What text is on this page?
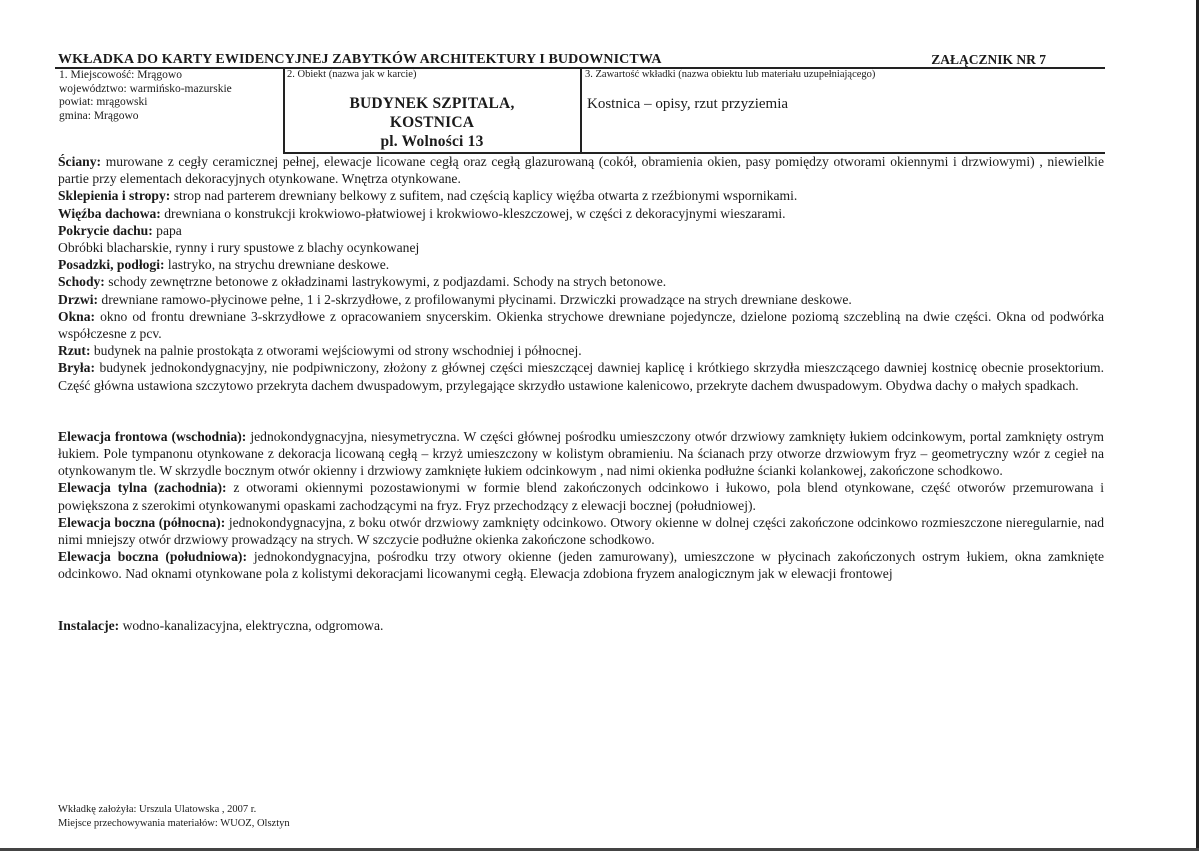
WKŁADKA DO KARTY EWIDENCYJNEJ ZABYTKÓW ARCHITEKTURY I BUDOWNICTWA	ZAŁĄCZNIK NR 7
1. Miejscowość: Mrągowo
województwo: warmińsko-mazurskie
powiat: mrągowski
gmina: Mrągowo
2. Obiekt (nazwa jak w karcie)
BUDYNEK SZPITALA,
KOSTNICA
pl. Wolności 13
3. Zawartość wkładki (nazwa obiektu lub materiału uzupełniającego)
Kostnica – opisy, rzut przyziemia

Ściany: murowane z cegły ceramicznej pełnej, elewacje licowane cegłą oraz cegłą glazurowaną (cokół, obramienia okien, pasy pomiędzy otworami okiennymi i drzwiowymi) , niewielkie partie przy elementach dekoracyjnych otynkowane. Wnętrza otynkowane.

Sklepienia i stropy: strop nad parterem drewniany belkowy z sufitem, nad częścią kaplicy więźba otwarta z rzeźbionymi wspornikami.

Więźba dachowa: drewniana o konstrukcji krokwiowo-płatwiowej i krokwiowo-kleszczowej, w części z dekoracyjnymi wieszarami.

Pokrycie dachu: papa

Obróbki blacharskie, rynny i rury spustowe z blachy ocynkowanej

Posadzki, podłogi: lastryko, na strychu drewniane deskowe.

Schody: schody zewnętrzne betonowe z okładzinami lastrykowymi, z podjazdami. Schody na strych betonowe.

Drzwi: drewniane ramowo-płycinowe pełne, 1 i 2-skrzydłowe, z profilowanymi płycinami. Drzwiczki prowadzące na strych drewniane deskowe.

Okna: okno od frontu drewniane 3-skrzydłowe z opracowaniem snycerskim. Okienka strychowe drewniane pojedyncze, dzielone poziomą szczebliną na dwie części. Okna od podwórka współczesne z pcv.

Rzut: budynek na palnie prostokąta z otworami wejściowymi od strony wschodniej i północnej.

Bryła: budynek jednokondygnacyjny, nie podpiwniczony, złożony z głównej części mieszczącej dawniej kaplicę i krótkiego skrzydła mieszczącego dawniej kostnicę obecnie prosektorium. Część główna ustawiona szczytowo przekryta dachem dwuspadowym, przylegające skrzydło ustawione kalenicowo, przekryte dachem dwuspadowym. Obydwa dachy o małych spadkach.

Elewacja frontowa (wschodnia): jednokondygnacyjna, niesymetryczna. W części głównej pośrodku umieszczony otwór drzwiowy zamknięty łukiem odcinkowym, portal zamknięty ostrym łukiem. Pole tympanonu otynkowane z dekoracja licowaną cegłą – krzyż umieszczony w kolistym obramieniu. Na ścianach przy otworze drzwiowym fryz – geometryczny wzór z cegieł na otynkowanym tle. W skrzydle bocznym otwór okienny i drzwiowy zamknięte łukiem odcinkowym , nad nimi okienka podłużne ścianki kolankowej, zakończone schodkowo.

Elewacja tylna (zachodnia): z otworami okiennymi pozostawionymi w formie blend zakończonych odcinkowo i łukowo, pola blend otynkowane, część otworów przemurowana i powiększona z szerokimi otynkowanymi opaskami zachodzącymi na fryz. Fryz przechodzący z elewacji bocznej (południowej).

Elewacja boczna (północna): jednokondygnacyjna, z boku otwór drzwiowy zamknięty odcinkowo. Otwory okienne w dolnej części zakończone odcinkowo rozmieszczone nieregularnie, nad nimi mniejszy otwór drzwiowy prowadzący na strych. W szczycie podłużne okienka zakończone schodkowo.

Elewacja boczna (południowa): jednokondygnacyjna, pośrodku trzy otwory okienne (jeden zamurowany), umieszczone w płycinach zakończonych ostrym łukiem, okna zamknięte odcinkowo. Nad oknami otynkowane pola z kolistymi dekoracjami licowanymi cegłą. Elewacja zdobiona fryzem analogicznym jak w elewacji frontowej

Instalacje: wodno-kanalizacyjna, elektryczna, odgromowa.

Wkładkę założyła: Urszula Ulatowska , 2007 r.
Miejsce przechowywania materiałów: WUOZ, Olsztyn
